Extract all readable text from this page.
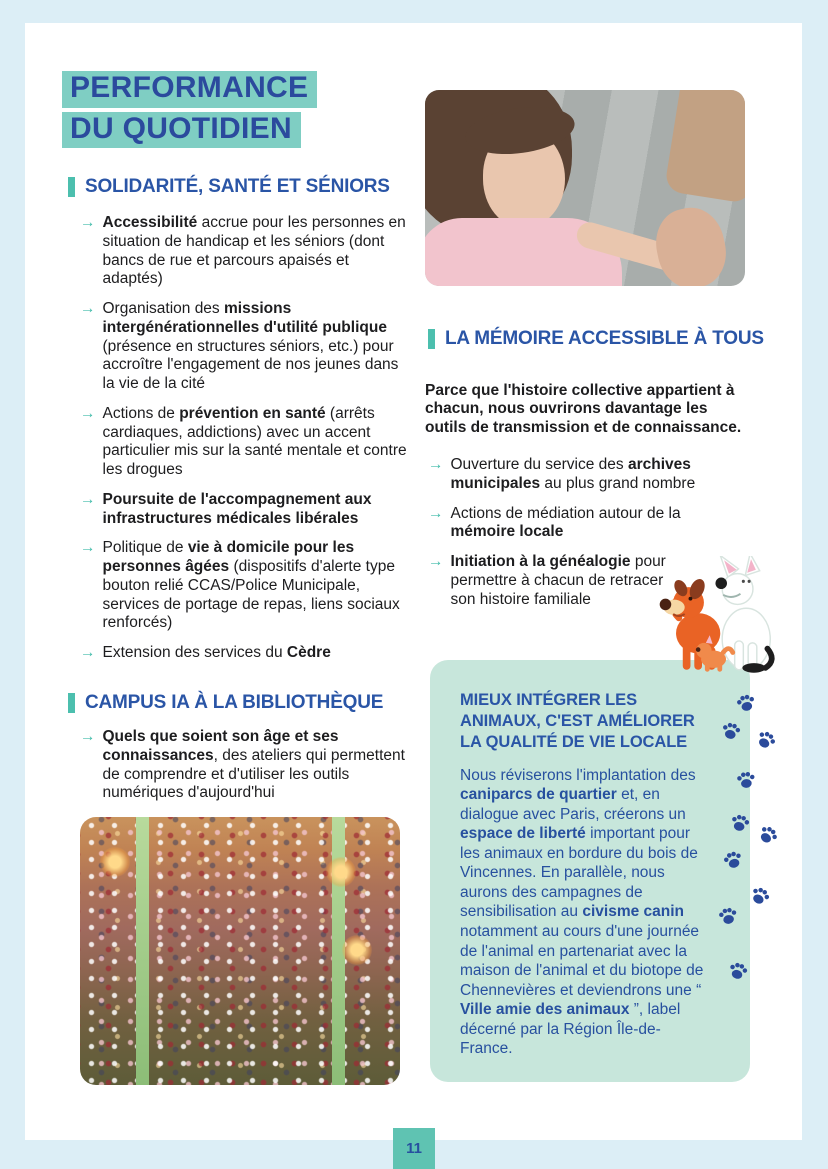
PERFORMANCE
DU QUOTIDIEN
SOLIDARITÉ, SANTÉ ET SÉNIORS
→ Accessibilité accrue pour les personnes en situation de handicap et les séniors (dont bancs de rue et parcours apaisés et adaptés)
→ Organisation des missions intergénérationnelles d'utilité publique (présence en structures séniors, etc.) pour accroître l'engagement de nos jeunes dans la vie de la cité
→ Actions de prévention en santé (arrêts cardiaques, addictions) avec un accent particulier mis sur la santé mentale et contre les drogues
→ Poursuite de l'accompagnement aux infrastructures médicales libérales
→ Politique de vie à domicile pour les personnes âgées (dispositifs d'alerte type bouton relié CCAS/Police Municipale, services de portage de repas, liens sociaux renforcés)
→ Extension des services du Cèdre
CAMPUS IA À LA BIBLIOTHÈQUE
→ Quels que soient son âge et ses connaissances, des ateliers qui permettent de comprendre et d'utiliser les outils numériques d'aujourd'hui
LA MÉMOIRE ACCESSIBLE À TOUS

Parce que l'histoire collective appartient à chacun, nous ouvrirons davantage les outils de transmission et de connaissance.

→ Ouverture du service des archives municipales au plus grand nombre
→ Actions de médiation autour de la mémoire locale
→ Initiation à la généalogie pour permettre à chacun de retracer son histoire familiale
MIEUX INTÉGRER LES ANIMAUX, C'EST AMÉLIORER LA QUALITÉ DE VIE LOCALE
Nous réviserons l'implantation des caniparcs de quartier et, en dialogue avec Paris, créerons un espace de liberté important pour les animaux en bordure du bois de Vincennes. En parallèle, nous aurons des campagnes de sensibilisation au civisme canin notamment au cours d'une journée de l'animal en partenariat avec la maison de l'animal et du biotope de Chennevières et deviendrons une “ Ville amie des animaux ”, label décerné par la Région Île-de-France.
11
